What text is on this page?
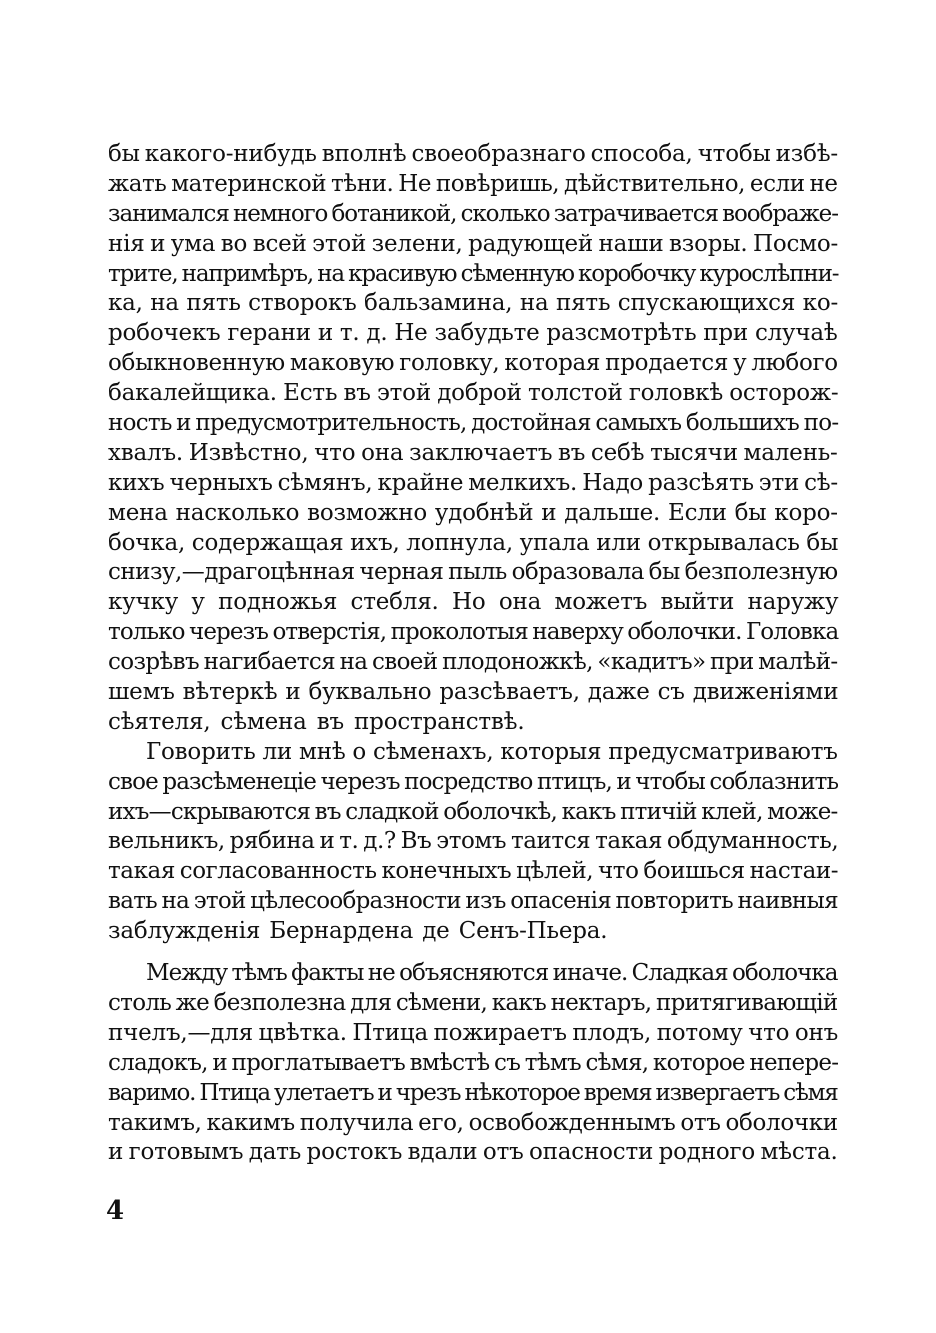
бы какого-нибудь вполнѣ своеобразнаго способа, чтобы избѣ-
жать материнской тѣни. Не повѣришь, дѣйствительно, если не
занимался немного ботаникой, сколько затрачивается воображе-
нія и ума во всей этой зелени, радующей наши взоры. Посмо-
трите, напримѣръ, на красивую сѣменную коробочку курослѣпни-
ка, на пять створокъ бальзамина, на пять спускающихся ко-
робочекъ герани и т. д. Не забудьте разсмотрѣть при случаѣ
обыкновенную маковую головку, которая продается у любого
бакалейщика. Есть въ этой доброй толстой головкѣ осторож-
ность и предусмотрительность, достойная самыхъ большихъ по-
хвалъ. Извѣстно, что она заключаетъ въ себѣ тысячи малень-
кихъ черныхъ сѣмянъ, крайне мелкихъ. Надо разсѣять эти сѣ-
мена насколько возможно удобнѣй и дальше. Если бы коро-
бочка, содержащая ихъ, лопнула, упала или открывалась бы
снизу,—драгоцѣнная черная пыль образовала бы безполезную
кучку у подножья стебля. Но она можетъ выйти наружу
только черезъ отверстія, проколотыя наверху оболочки. Головка
созрѣвъ нагибается на своей плодоножкѣ, «кадитъ» при малѣй-
шемъ вѣтеркѣ и буквально разсѣваетъ, даже съ движеніями
сѣятеля, сѣмена въ пространствѣ.
Говорить ли мнѣ о сѣменахъ, которыя предусматриваютъ
свое разсѣменеціе черезъ посредство птицъ, и чтобы соблазнить
ихъ—скрываются въ сладкой оболочкѣ, какъ птичій клей, можe-
вельникъ, рябина и т. д.? Въ этомъ таится такая обдуманность,
такая согласованность конечныхъ цѣлей, что боишься настаи-
вать на этой цѣлесообразности изъ опасенія повторить наивныя
заблужденія Бернардена де Сенъ-Пьера.
Между тѣмъ факты не объясняются иначе. Сладкая оболочка
столь же безполезна для сѣмени, какъ нектаръ, притягивающій
пчелъ,—для цвѣтка. Птица пожираетъ плодъ, потому что онъ
сладокъ, и проглатываетъ вмѣстѣ съ тѣмъ сѣмя, которое непере-
варимо. Птица улетаетъ и чрезъ нѣкоторое время извергаетъ сѣмя
такимъ, какимъ получила его, освобожденнымъ отъ оболочки
и готовымъ дать ростокъ вдали отъ опасности родного мѣста.
4
